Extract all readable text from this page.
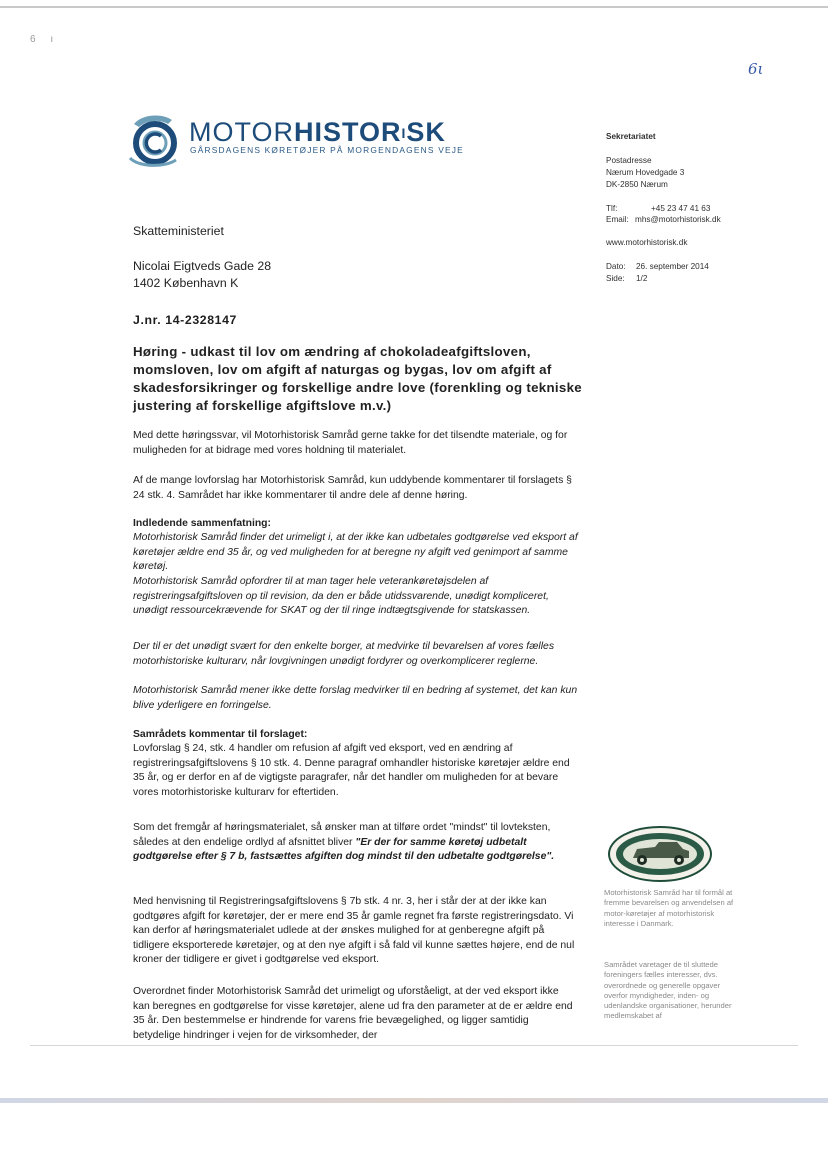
6 ı
6ι
MOTORHISTORISK
GÅRSDAGENS KØRETØJER PÅ MORGENDAGENS VEJE
Sekretariatet
Postadresse
Nærum Hovedgade 3
DK-2850 Nærum
Tlf:	+45 23 47 41 63
Email: mhs@motorhistorisk.dk
www.motorhistorisk.dk
Dato: 26. september 2014
Side: 1/2
Skatteministeriet
Nicolai Eigtveds Gade 28
1402 København K
J.nr. 14-2328147
Høring - udkast til lov om ændring af chokoladeafgiftsloven, momsloven, lov om afgift af naturgas og bygas, lov om afgift af skadesforsikringer og forskellige andre love (forenkling og tekniske justering af forskellige afgiftslove m.v.)
Med dette høringssvar, vil Motorhistorisk Samråd gerne takke for det tilsendte materiale, og for muligheden for at bidrage med vores holdning til materialet.
Af de mange lovforslag har Motorhistorisk Samråd, kun uddybende kommentarer til forslagets § 24 stk. 4. Samrådet har ikke kommentarer til andre dele af denne høring.
Indledende sammenfatning:
Motorhistorisk Samråd finder det urimeligt i, at der ikke kan udbetales godtgørelse ved eksport af køretøjer ældre end 35 år, og ved muligheden for at beregne ny afgift ved genimport af samme køretøj.
Motorhistorisk Samråd opfordrer til at man tager hele veterankøretøjsdelen af registreringsafgiftsloven op til revision, da den er både utidssvarende, unødigt kompliceret, unødigt ressourcekrævende for SKAT og der til ringe indtægtsgivende for statskassen.
Der til er det unødigt svært for den enkelte borger, at medvirke til bevarelsen af vores fælles motorhistoriske kulturarv, når lovgivningen unødigt fordyrer og overkomplicerer reglerne.
Motorhistorisk Samråd mener ikke dette forslag medvirker til en bedring af systemet, det kan kun blive yderligere en forringelse.
Samrådets kommentar til forslaget:
Lovforslag § 24, stk. 4 handler om refusion af afgift ved eksport, ved en ændring af registreringsafgiftslovens § 10 stk. 4. Denne paragraf omhandler historiske køretøjer ældre end 35 år, og er derfor en af de vigtigste paragrafer, når det handler om muligheden for at bevare vores motorhistoriske kulturarv for eftertiden.
Som det fremgår af høringsmaterialet, så ønsker man at tilføre ordet "mindst" til lovteksten, således at den endelige ordlyd af afsnittet bliver "Er der for samme køretøj udbetalt godtgørelse efter § 7 b, fastsættes afgiften dog mindst til den udbetalte godtgørelse".
Med henvisning til Registreringsafgiftslovens § 7b stk. 4 nr. 3, her i står der at der ikke kan godtgøres afgift for køretøjer, der er mere end 35 år gamle regnet fra første registreringsdato. Vi kan derfor af høringsmaterialet udlede at der ønskes mulighed for at genberegne afgift på tidligere eksporterede køretøjer, og at den nye afgift i så fald vil kunne sættes højere, end de nul kroner der tidligere er givet i godtgørelse ved eksport.
Overordnet finder Motorhistorisk Samråd det urimeligt og uforståeligt, at der ved eksport ikke kan beregnes en godtgørelse for visse køretøjer, alene ud fra den parameter at de er ældre end 35 år. Den bestemmelse er hindrende for varens frie bevægelighed, og ligger samtidig betydelige hindringer i vejen for de virksomheder, der
Motorhistorisk Samråd har til formål at fremme bevarelsen og anvendelsen af motor-køretøjer af motorhistorisk interesse i Danmark.
Samrådet varetager de til sluttede foreningers fælles interesser, dvs. overordnede og generelle opgaver overfor myndigheder, inden- og udenlandske organisationer, herunder medlemskabet af
